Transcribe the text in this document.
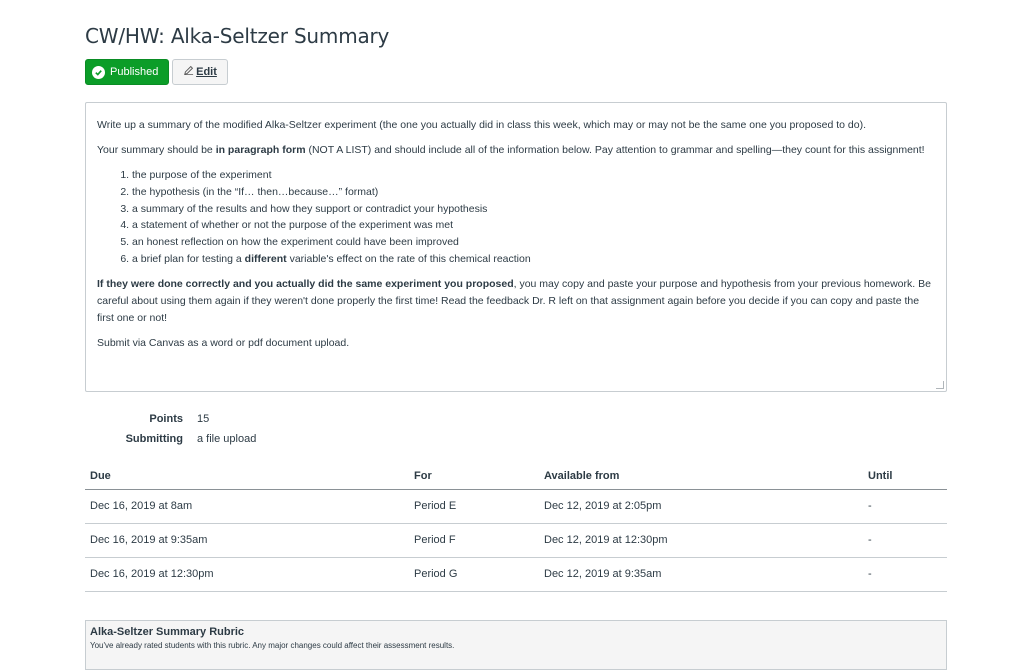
CW/HW: Alka-Seltzer Summary
Published	Edit

Write up a summary of the modified Alka-Seltzer experiment (the one you actually did in class this week, which may or may not be the same one you proposed to do).

Your summary should be in paragraph form (NOT A LIST) and should include all of the information below. Pay attention to grammar and spelling—they count for this assignment!

1. the purpose of the experiment
2. the hypothesis (in the “If… then…because…” format)
3. a summary of the results and how they support or contradict your hypothesis
4. a statement of whether or not the purpose of the experiment was met
5. an honest reflection on how the experiment could have been improved
6. a brief plan for testing a different variable's effect on the rate of this chemical reaction

If they were done correctly and you actually did the same experiment you proposed, you may copy and paste your purpose and hypothesis from your previous homework. Be careful about using them again if they weren't done properly the first time! Read the feedback Dr. R left on that assignment again before you decide if you can copy and paste the first one or not!

Submit via Canvas as a word or pdf document upload.

Points	15
Submitting	a file upload
Due	For	Available from	Until
Dec 16, 2019 at 8am	Period E	Dec 12, 2019 at 2:05pm	-
Dec 16, 2019 at 9:35am	Period F	Dec 12, 2019 at 12:30pm	-
Dec 16, 2019 at 12:30pm	Period G	Dec 12, 2019 at 9:35am	-
Alka-Seltzer Summary Rubric
You've already rated students with this rubric. Any major changes could affect their assessment results.
